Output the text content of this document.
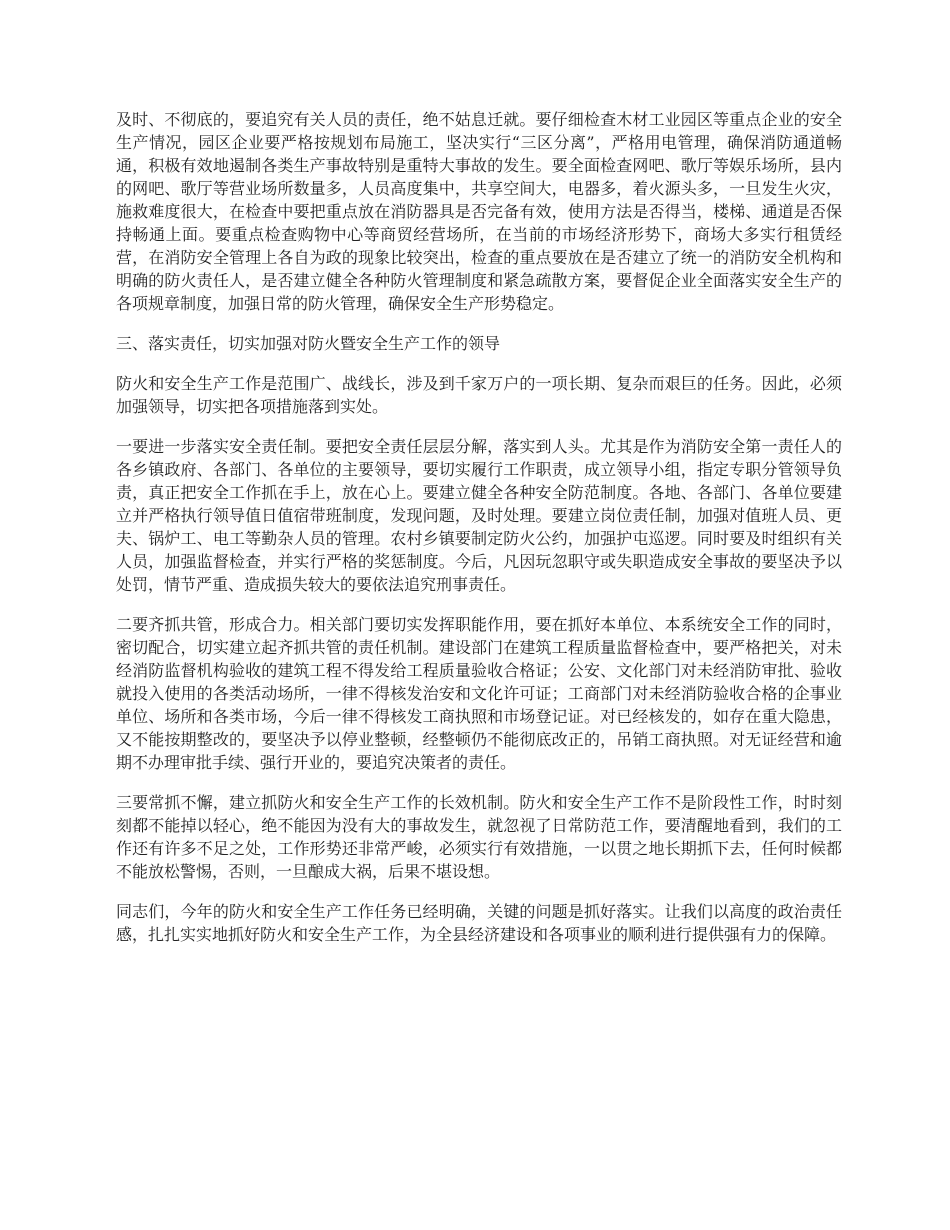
及时、不彻底的，要追究有关人员的责任，绝不姑息迁就。要仔细检查木材工业园区等重点企业的安全生产情况，园区企业要严格按规划布局施工，坚决实行“三区分离”，严格用电管理，确保消防通道畅通，积极有效地遏制各类生产事故特别是重特大事故的发生。要全面检查网吧、歌厅等娱乐场所，县内的网吧、歌厅等营业场所数量多，人员高度集中，共享空间大，电器多，着火源头多，一旦发生火灾，施救难度很大，在检查中要把重点放在消防器具是否完备有效，使用方法是否得当，楼梯、通道是否保持畅通上面。要重点检查购物中心等商贸经营场所，在当前的市场经济形势下，商场大多实行租赁经营，在消防安全管理上各自为政的现象比较突出，检查的重点要放在是否建立了统一的消防安全机构和明确的防火责任人，是否建立健全各种防火管理制度和紧急疏散方案，要督促企业全面落实安全生产的各项规章制度，加强日常的防火管理，确保安全生产形势稳定。

三、落实责任，切实加强对防火暨安全生产工作的领导

防火和安全生产工作是范围广、战线长，涉及到千家万户的一项长期、复杂而艰巨的任务。因此，必须加强领导，切实把各项措施落到实处。

一要进一步落实安全责任制。要把安全责任层层分解，落实到人头。尤其是作为消防安全第一责任人的各乡镇政府、各部门、各单位的主要领导，要切实履行工作职责，成立领导小组，指定专职分管领导负责，真正把安全工作抓在手上，放在心上。要建立健全各种安全防范制度。各地、各部门、各单位要建立并严格执行领导值日值宿带班制度，发现问题，及时处理。要建立岗位责任制，加强对值班人员、更夫、锅炉工、电工等勤杂人员的管理。农村乡镇要制定防火公约，加强护屯巡逻。同时要及时组织有关人员，加强监督检查，并实行严格的奖惩制度。今后，凡因玩忽职守或失职造成安全事故的要坚决予以处罚，情节严重、造成损失较大的要依法追究刑事责任。

二要齐抓共管，形成合力。相关部门要切实发挥职能作用，要在抓好本单位、本系统安全工作的同时，密切配合，切实建立起齐抓共管的责任机制。建设部门在建筑工程质量监督检查中，要严格把关，对未经消防监督机构验收的建筑工程不得发给工程质量验收合格证；公安、文化部门对未经消防审批、验收就投入使用的各类活动场所，一律不得核发治安和文化许可证；工商部门对未经消防验收合格的企事业单位、场所和各类市场，今后一律不得核发工商执照和市场登记证。对已经核发的，如存在重大隐患，又不能按期整改的，要坚决予以停业整顿，经整顿仍不能彻底改正的，吊销工商执照。对无证经营和逾期不办理审批手续、强行开业的，要追究决策者的责任。

三要常抓不懈，建立抓防火和安全生产工作的长效机制。防火和安全生产工作不是阶段性工作，时时刻刻都不能掉以轻心，绝不能因为没有大的事故发生，就忽视了日常防范工作，要清醒地看到，我们的工作还有许多不足之处，工作形势还非常严峻，必须实行有效措施，一以贯之地长期抓下去，任何时候都不能放松警惕，否则，一旦酿成大祸，后果不堪设想。

同志们，今年的防火和安全生产工作任务已经明确，关键的问题是抓好落实。让我们以高度的政治责任感，扎扎实实地抓好防火和安全生产工作，为全县经济建设和各项事业的顺利进行提供强有力的保障。
